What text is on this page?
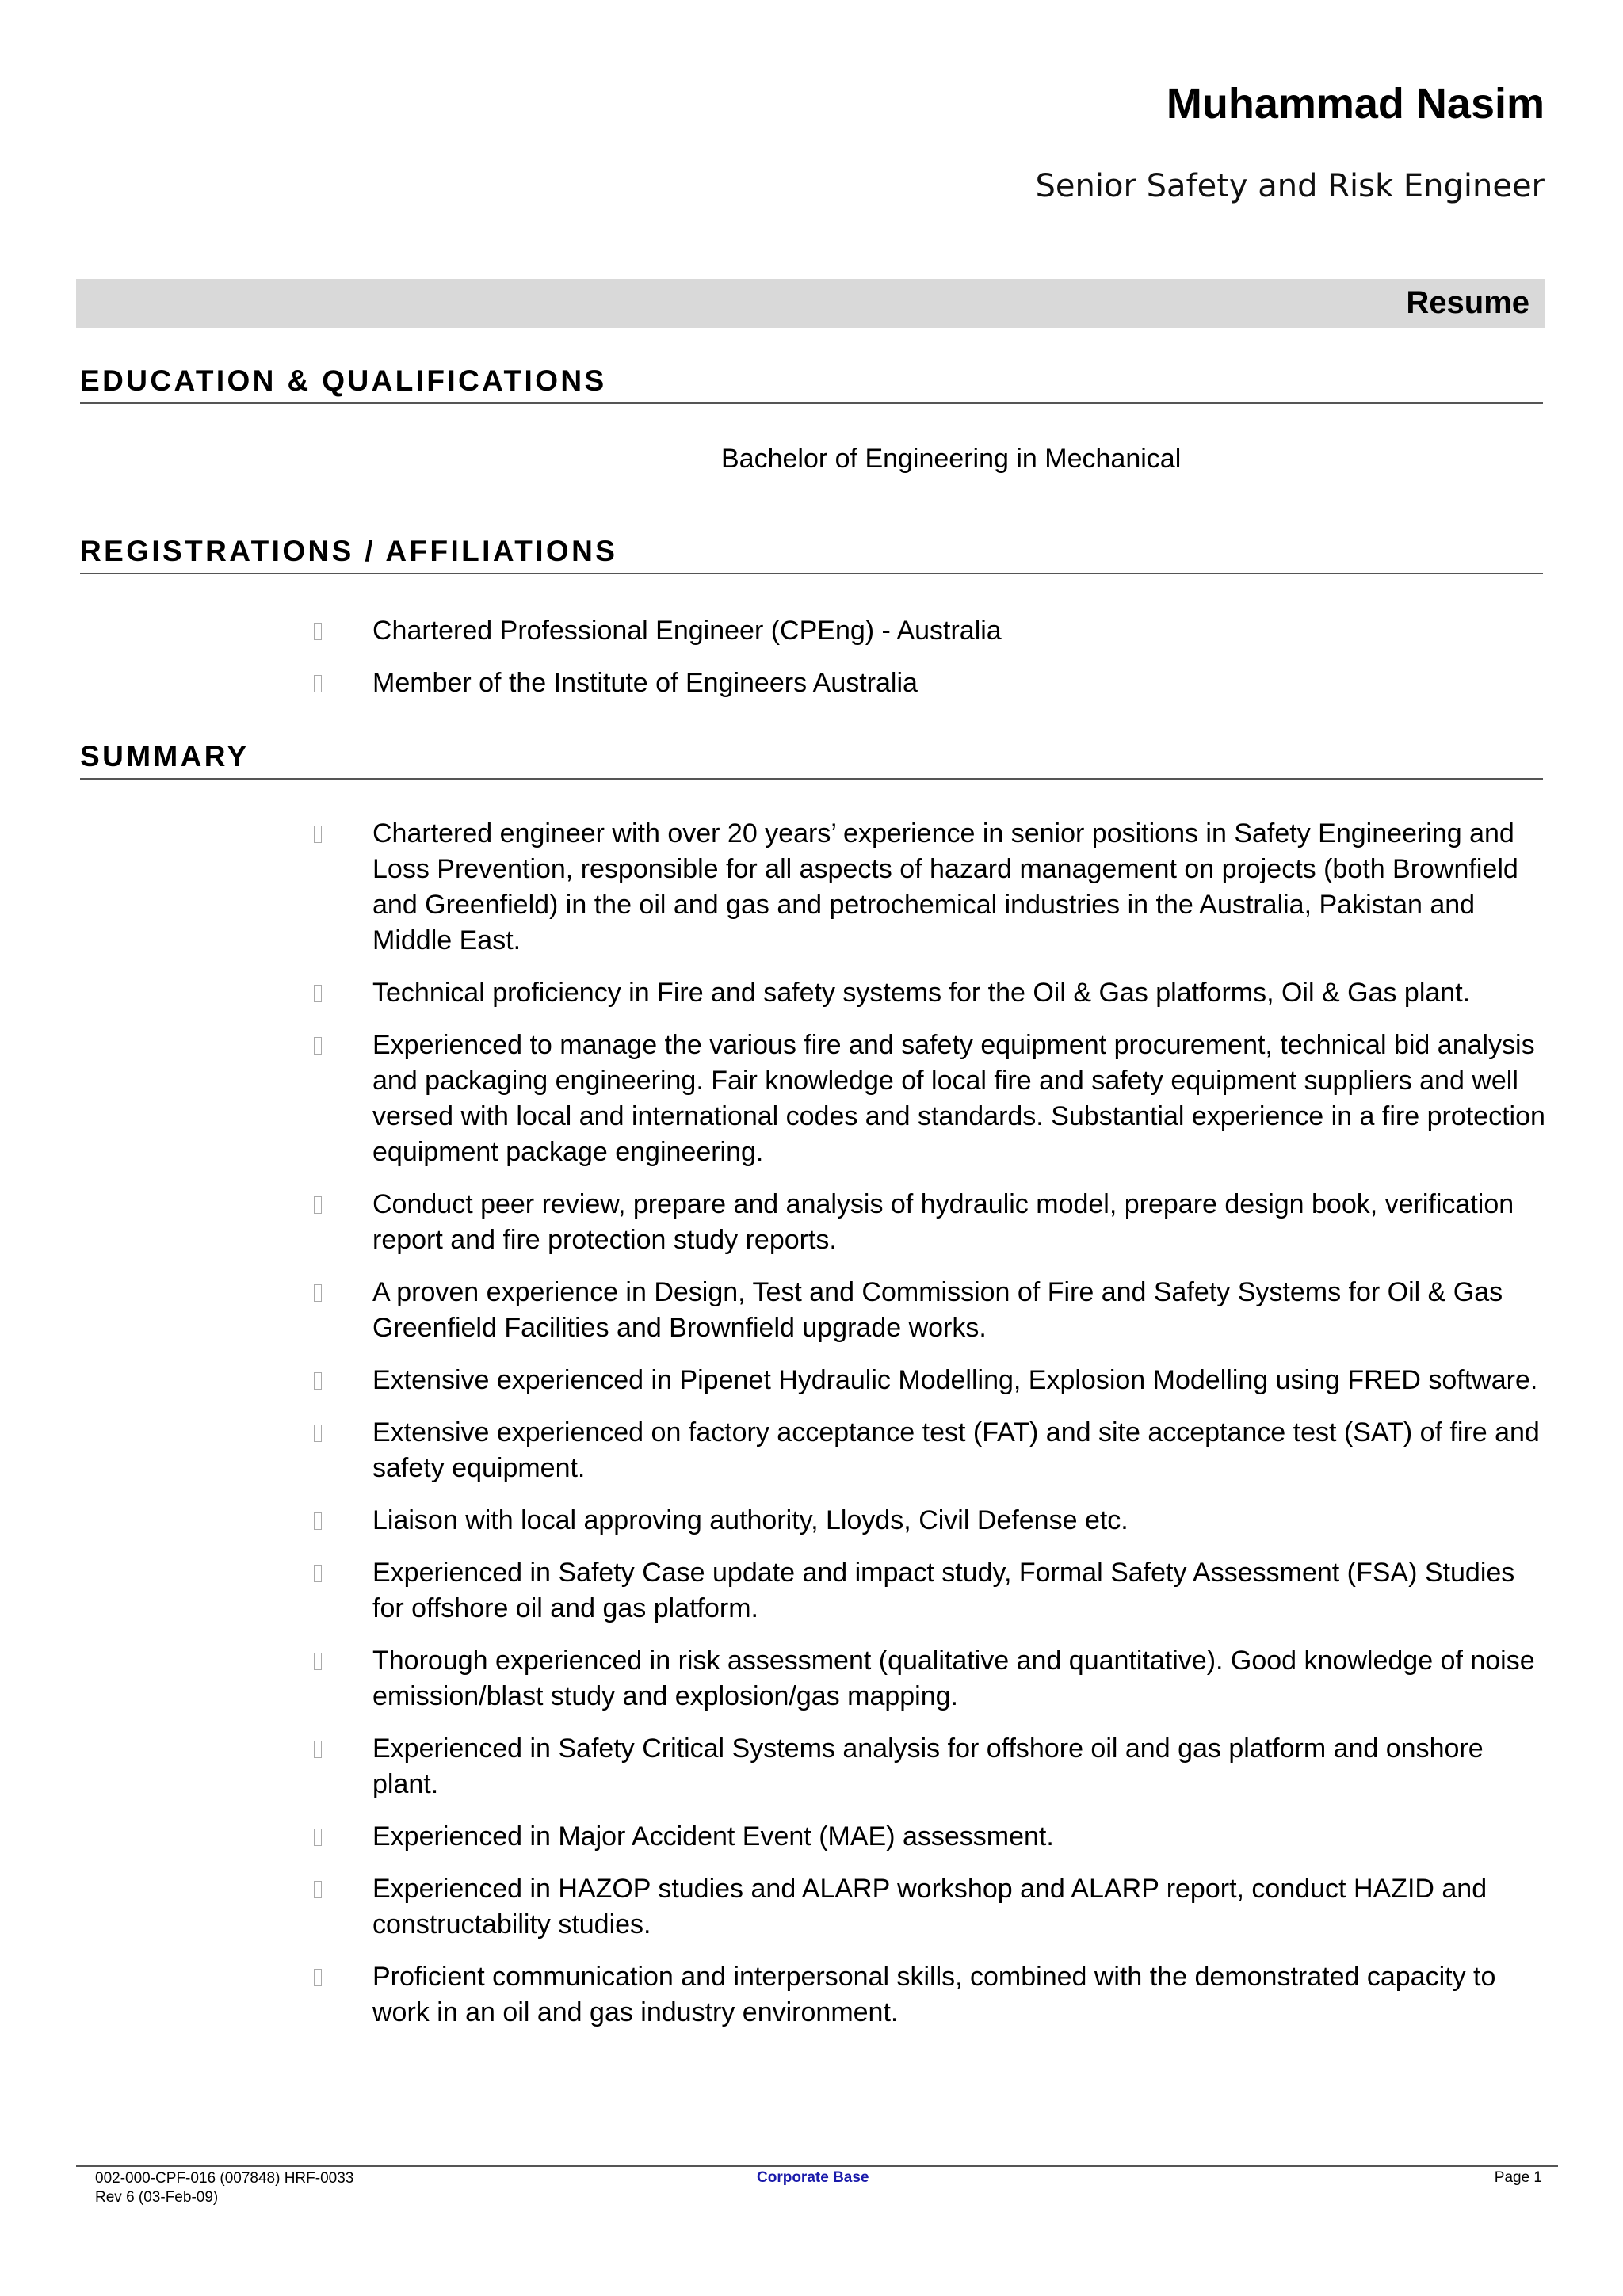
Muhammad Nasim
Senior Safety and Risk Engineer
Resume
EDUCATION & QUALIFICATIONS
Bachelor of Engineering in Mechanical
REGISTRATIONS / AFFILIATIONS
Chartered Professional Engineer (CPEng) - Australia
Member of the Institute of Engineers Australia
SUMMARY
Chartered engineer with over 20 years’ experience in senior positions in Safety Engineering and Loss Prevention, responsible for all aspects of hazard management on projects (both Brownfield and Greenfield) in the oil and gas and petrochemical industries in the Australia, Pakistan and Middle East.
Technical proficiency in Fire and safety systems for the Oil & Gas platforms, Oil & Gas plant.
Experienced to manage the various fire and safety equipment procurement, technical bid analysis and packaging engineering. Fair knowledge of local fire and safety equipment suppliers and well versed with local and international codes and standards. Substantial experience in a fire protection equipment package engineering.
Conduct peer review, prepare and analysis of hydraulic model, prepare design book, verification report and fire protection study reports.
A proven experience in Design, Test and Commission of Fire and Safety Systems for Oil & Gas Greenfield Facilities and Brownfield upgrade works.
Extensive experienced in Pipenet Hydraulic Modelling, Explosion Modelling using FRED software.
Extensive experienced on factory acceptance test (FAT) and site acceptance test (SAT) of fire and safety equipment.
Liaison with local approving authority, Lloyds, Civil Defense etc.
Experienced in Safety Case update and impact study, Formal Safety Assessment (FSA) Studies for offshore oil and gas platform.
Thorough experienced in risk assessment (qualitative and quantitative). Good knowledge of noise emission/blast study and explosion/gas mapping.
Experienced in Safety Critical Systems analysis for offshore oil and gas platform and onshore plant.
Experienced in Major Accident Event (MAE) assessment.
Experienced in HAZOP studies and ALARP workshop and ALARP report, conduct HAZID and constructability studies.
Proficient communication and interpersonal skills, combined with the demonstrated capacity to work in an oil and gas industry environment.
002-000-CPF-016 (007848) HRF-0033
Rev 6 (03-Feb-09)
Corporate Base	Page 1
